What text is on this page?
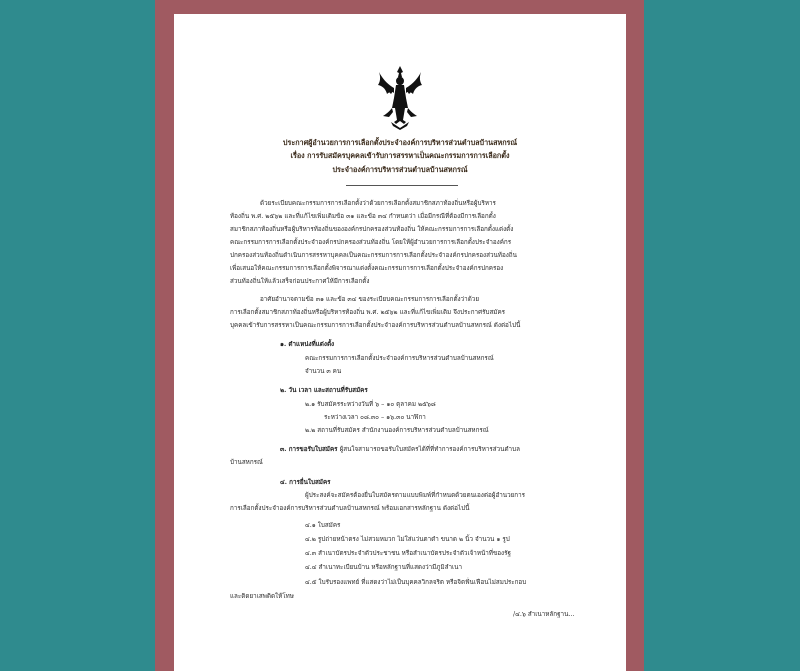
ประกาศผู้อำนวยการการเลือกตั้งประจำองค์การบริหารส่วนตำบลบ้านสหกรณ์
เรื่อง การรับสมัครบุคคลเข้ารับการสรรหาเป็นคณะกรรมการการเลือกตั้ง
ประจำองค์การบริหารส่วนตำบลบ้านสหกรณ์
ด้วยระเบียบคณะกรรมการการเลือกตั้งว่าด้วยการเลือกตั้งสมาชิกสภาท้องถิ่นหรือผู้บริหาร
ท้องถิ่น พ.ศ. ๒๕๖๒ และที่แก้ไขเพิ่มเติมข้อ ๓๑ และข้อ ๓๔ กำหนดว่า เมื่อมีกรณีที่ต้องมีการเลือกตั้ง
สมาชิกสภาท้องถิ่นหรือผู้บริหารท้องถิ่นขององค์กรปกครองส่วนท้องถิ่น ให้คณะกรรมการการเลือกตั้งแต่งตั้ง
คณะกรรมการการเลือกตั้งประจำองค์กรปกครองส่วนท้องถิ่น โดยให้ผู้อำนวยการการเลือกตั้งประจำองค์กร
ปกครองส่วนท้องถิ่นดำเนินการสรรหาบุคคลเป็นคณะกรรมการการเลือกตั้งประจำองค์กรปกครองส่วนท้องถิ่น
เพื่อเสนอให้คณะกรรมการการเลือกตั้งพิจารณาแต่งตั้งคณะกรรมการการเลือกตั้งประจำองค์กรปกครอง
ส่วนท้องถิ่นให้แล้วเสร็จก่อนประกาศให้มีการเลือกตั้ง
อาศัยอำนาจตามข้อ ๓๑ และข้อ ๓๔ ของระเบียบคณะกรรมการการเลือกตั้งว่าด้วย
การเลือกตั้งสมาชิกสภาท้องถิ่นหรือผู้บริหารท้องถิ่น พ.ศ. ๒๕๖๒ และที่แก้ไขเพิ่มเติม จึงประกาศรับสมัคร
บุคคลเข้ารับการสรรหาเป็นคณะกรรมการการเลือกตั้งประจำองค์การบริหารส่วนตำบลบ้านสหกรณ์ ดังต่อไปนี้
๑. ตำแหน่งที่แต่งตั้ง
คณะกรรมการการเลือกตั้งประจำองค์การบริหารส่วนตำบลบ้านสหกรณ์
จำนวน ๓ คน
๒. วัน เวลา และสถานที่รับสมัคร
๒.๑ รับสมัครระหว่างวันที่ ๖ – ๑๐ ตุลาคม ๒๕๖๘
ระหว่างเวลา ๐๘.๓๐ – ๑๖.๓๐ นาฬิกา
๒.๒ สถานที่รับสมัคร สำนักงานองค์การบริหารส่วนตำบลบ้านสหกรณ์
๓. การขอรับใบสมัคร ผู้สนใจสามารถขอรับใบสมัครได้ที่ที่ทำการองค์การบริหารส่วนตำบล
บ้านสหกรณ์
๔. การยื่นใบสมัคร
ผู้ประสงค์จะสมัครต้องยื่นใบสมัครตามแบบพิมพ์ที่กำหนดด้วยตนเองต่อผู้อำนวยการ
การเลือกตั้งประจำองค์การบริหารส่วนตำบลบ้านสหกรณ์ พร้อมเอกสารหลักฐาน ดังต่อไปนี้
๔.๑ ใบสมัคร
๔.๒ รูปถ่ายหน้าตรง ไม่สวมหมวก ไม่ใส่แว่นตาดำ ขนาด ๒ นิ้ว จำนวน ๑ รูป
๔.๓ สำเนาบัตรประจำตัวประชาชน หรือสำเนาบัตรประจำตัวเจ้าหน้าที่ของรัฐ
๔.๔ สำเนาทะเบียนบ้าน หรือหลักฐานที่แสดงว่ามีภูมิลำเนา
๔.๕ ใบรับรองแพทย์ ที่แสดงว่าไม่เป็นบุคคลวิกลจริต หรือจิตฟั่นเฟือนไม่สมประกอบ
และติดยาเสพติดให้โทษ
/๔.๖ สำเนาหลักฐาน...
